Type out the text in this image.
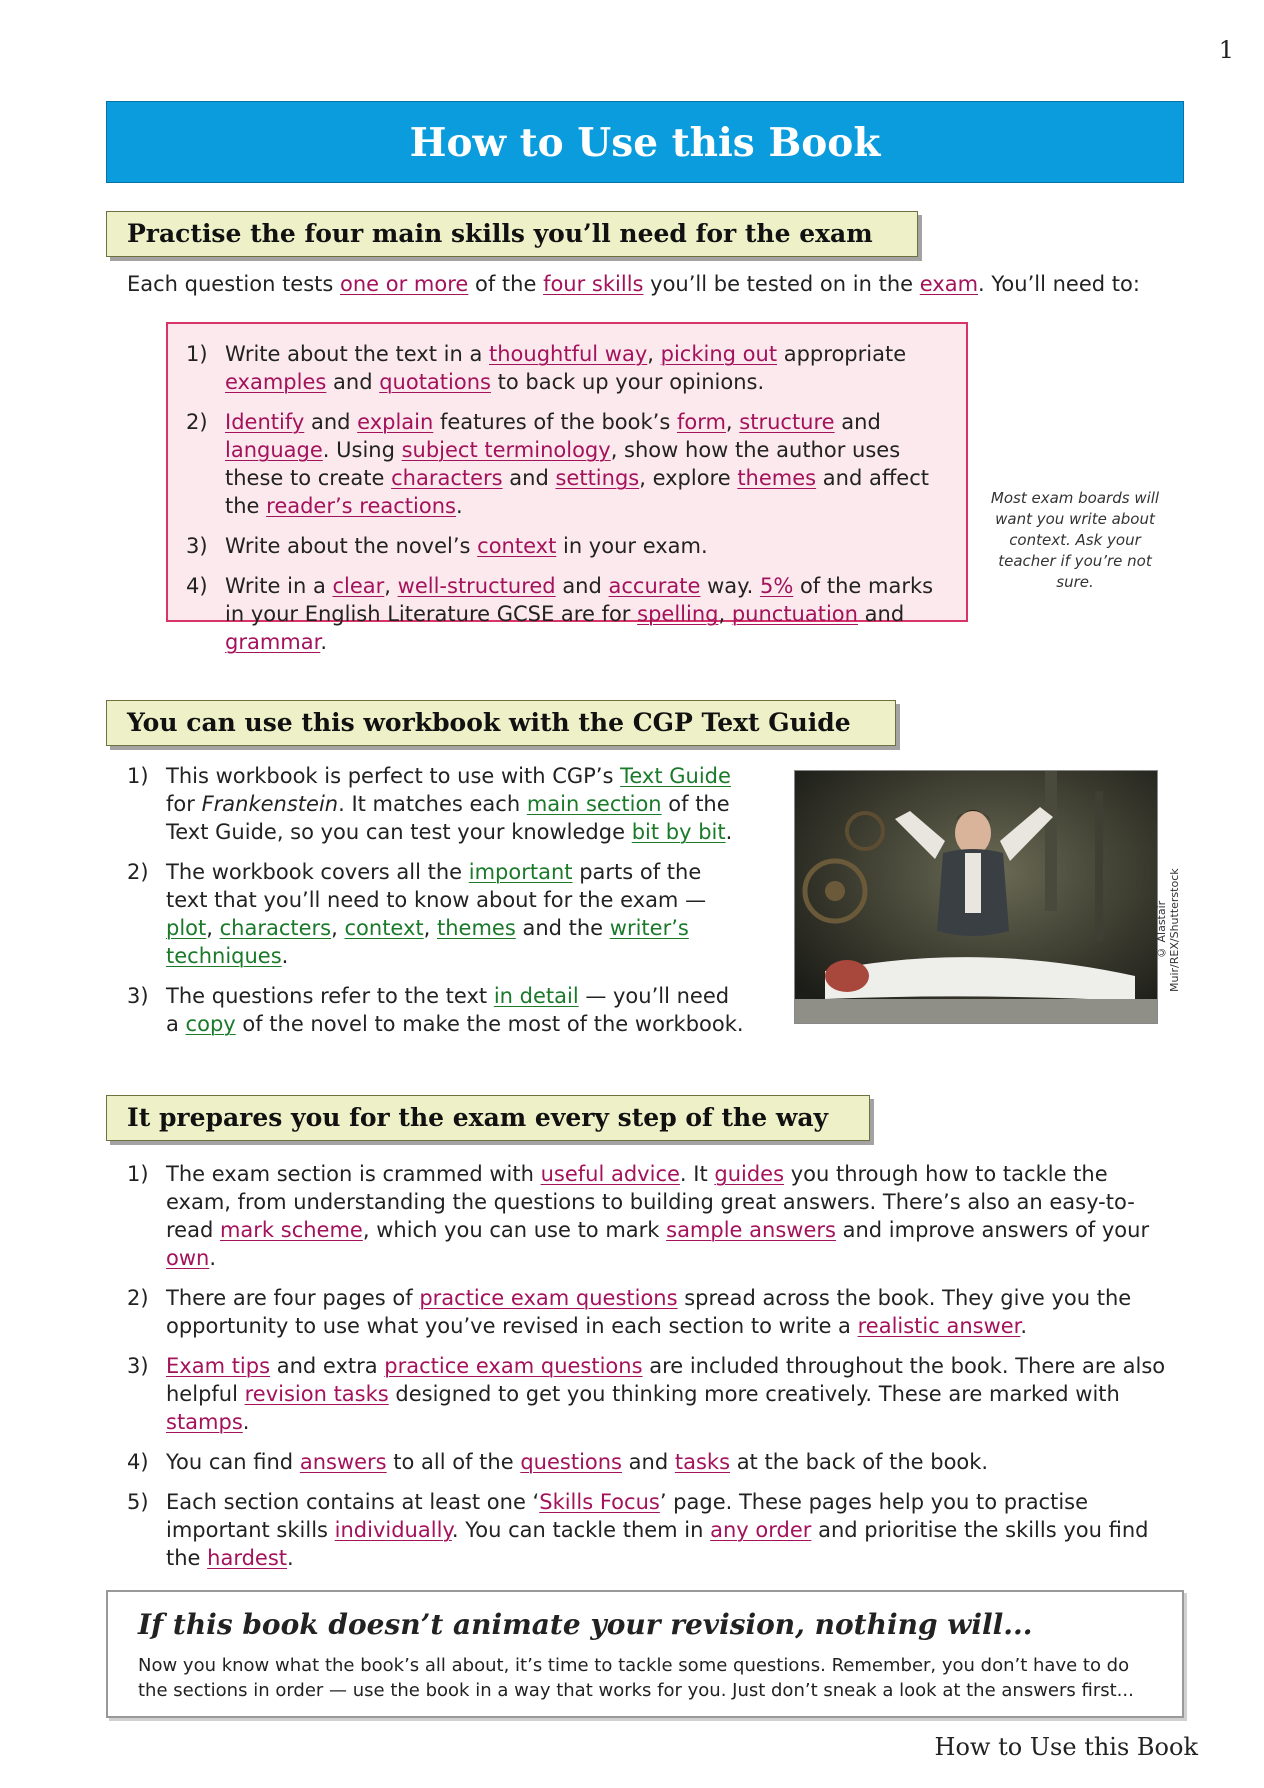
1
How to Use this Book
Practise the four main skills you’ll need for the exam
Each question tests one or more of the four skills you’ll be tested on in the exam. You’ll need to:
1) Write about the text in a thoughtful way, picking out appropriate examples and quotations to back up your opinions.
2) Identify and explain features of the book’s form, structure and language. Using subject terminology, show how the author uses these to create characters and settings, explore themes and affect the reader’s reactions.
3) Write about the novel’s context in your exam.
4) Write in a clear, well-structured and accurate way. 5% of the marks in your English Literature GCSE are for spelling, punctuation and grammar.
Most exam boards will want you write about context. Ask your teacher if you’re not sure.
You can use this workbook with the CGP Text Guide
1) This workbook is perfect to use with CGP’s Text Guide for Frankenstein. It matches each main section of the Text Guide, so you can test your knowledge bit by bit.
2) The workbook covers all the important parts of the text that you’ll need to know about for the exam — plot, characters, context, themes and the writer’s techniques.
3) The questions refer to the text in detail — you’ll need a copy of the novel to make the most of the workbook.
© Alastair Muir/REX/Shutterstock
It prepares you for the exam every step of the way
1) The exam section is crammed with useful advice. It guides you through how to tackle the exam, from understanding the questions to building great answers. There’s also an easy-to-read mark scheme, which you can use to mark sample answers and improve answers of your own.
2) There are four pages of practice exam questions spread across the book. They give you the opportunity to use what you’ve revised in each section to write a realistic answer.
3) Exam tips and extra practice exam questions are included throughout the book. There are also helpful revision tasks designed to get you thinking more creatively. These are marked with stamps.
4) You can find answers to all of the questions and tasks at the back of the book.
5) Each section contains at least one ‘Skills Focus’ page. These pages help you to practise important skills individually. You can tackle them in any order and prioritise the skills you find the hardest.
If this book doesn’t animate your revision, nothing will...
Now you know what the book’s all about, it’s time to tackle some questions. Remember, you don’t have to do the sections in order — use the book in a way that works for you. Just don’t sneak a look at the answers first...
How to Use this Book
